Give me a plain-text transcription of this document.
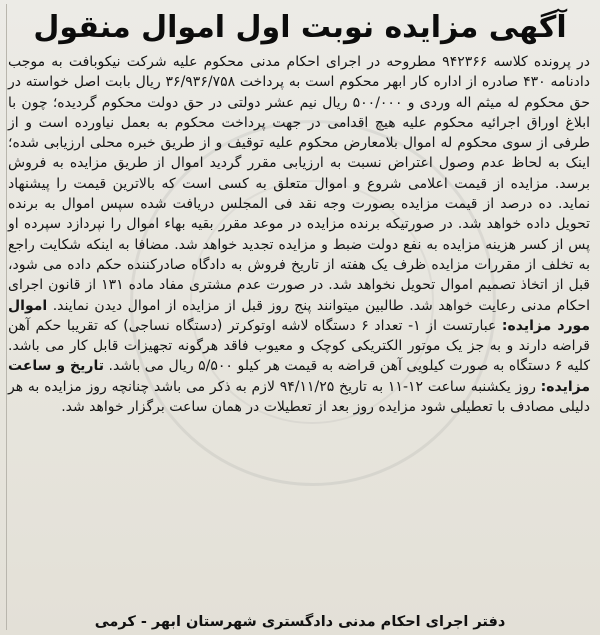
آگهی مزایده نوبت اول اموال منقول
در پرونده کلاسه ۹۴۲۳۶۶ مطروحه در اجرای احکام مدنی محکوم علیه شرکت نیکوبافت به موجب دادنامه ۴۳۰ صادره از اداره کار ابهر محکوم است به پرداخت ۳۶/۹۳۶/۷۵۸ ریال بابت اصل خواسته در حق محکوم له میثم اله وردی و ۵۰۰/۰۰۰ ریال نیم عشر دولتی در حق دولت محکوم گردیده؛ چون با ابلاغ اوراق اجرائیه محکوم علیه هیچ اقدامی در جهت پرداخت محکوم به بعمل نیاورده است و از طرفی از سوی محکوم له اموال بلامعارض محکوم علیه توقیف و از طریق خبره محلی ارزیابی شده؛ اینک به لحاظ عدم وصول اعتراض نسبت به ارزیابی مقرر گردید اموال از طریق مزایده به فروش برسد. مزایده از قیمت اعلامی شروع و اموال متعلق به کسی است که بالاترین قیمت را پیشنهاد نماید. ده درصد از قیمت مزایده بصورت وجه نقد فی المجلس دریافت شده سپس اموال به برنده تحویل داده خواهد شد. در صورتیکه برنده مزایده در موعد مقرر بقیه بهاء اموال را نپردازد سپرده او پس از کسر هزینه مزایده به نفع دولت ضبط و مزایده تجدید خواهد شد. مضافا به اینکه شکایت راجع به تخلف از مقررات مزایده ظرف یک هفته از تاریخ فروش به دادگاه صادرکننده حکم داده می شود، قبل از اتخاذ تصمیم اموال تحویل نخواهد شد. در صورت عدم مشتری مفاد ماده ۱۳۱ از قانون اجرای احکام مدنی رعایت خواهد شد. طالبین میتوانند پنج روز قبل از مزایده از اموال دیدن نمایند. اموال مورد مزایده: عبارتست از ۱- تعداد ۶ دستگاه لاشه اوتوکرتر (دستگاه نساجی) که تقریبا حکم آهن قراضه دارند و به جز یک موتور الکتریکی کوچک و معیوب فاقد هرگونه تجهیزات قابل کار می باشد. کلیه ۶ دستگاه به صورت کیلویی آهن قراضه به قیمت هر کیلو ۵/۵۰۰ ریال می باشد. تاریخ و ساعت مزایده: روز یکشنبه ساعت ۱۲-۱۱ به تاریخ ۹۴/۱۱/۲۵ لازم به ذکر می باشد چنانچه روز مزایده به هر دلیلی مصادف با تعطیلی شود مزایده روز بعد از تعطیلات در همان ساعت برگزار خواهد شد.
دفتر اجرای احکام مدنی دادگستری شهرستان ابهر - کرمی
